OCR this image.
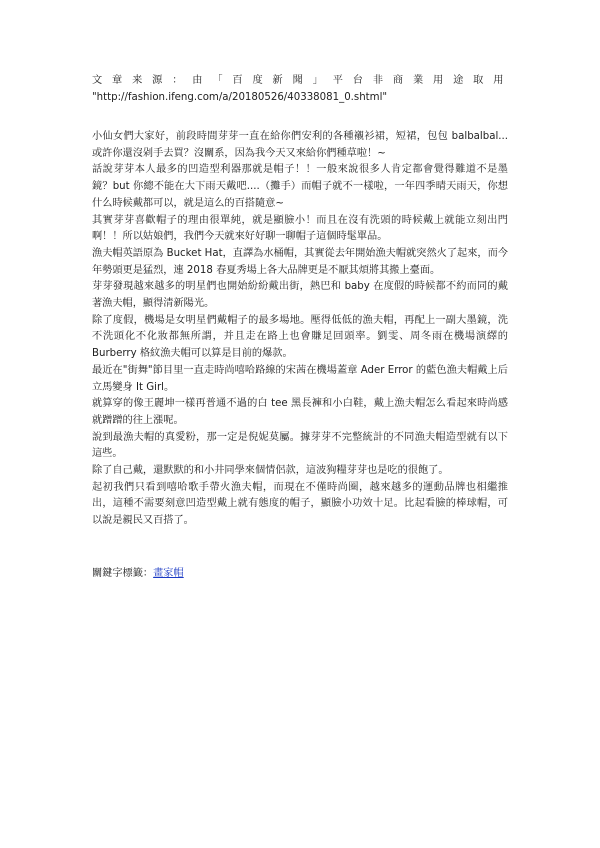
文章来源：由「百度新聞」平台非商業用途取用
"http://fashion.ifeng.com/a/20180526/40338081_0.shtml"

小仙女們大家好，前段時間芽芽一直在給你們安利的各種襯衫裙，短裙，包包 balbalbal...或許你還沒剁手去買？沒關系，因為我今天又來給你們種草啦！~

話說芽芽本人最多的凹造型利器那就是帽子！！一般來說很多人肯定都會覺得難道不是墨鏡？but 你總不能在大下雨天戴吧....（攤手）而帽子就不一樣啦，一年四季晴天雨天，你想什么時候戴都可以，就是這么的百搭隨意~

其實芽芽喜歡帽子的理由很單純，就是顯臉小！而且在沒有洗頭的時候戴上就能立刻出門啊！！所以姑娘們，我們今天就來好好聊一聊帽子這個時髦單品。

漁夫帽英語原為 Bucket Hat，直譯為水桶帽，其實從去年開始漁夫帽就突然火了起來，而今年勢頭更是猛烈，連 2018 春夏秀場上各大品牌更是不厭其煩將其搬上臺面。

芽芽發現越來越多的明星們也開始紛紛戴出街，熱巴和 baby 在度假的時候都不約而同的戴著漁夫帽，顯得清新陽光。

除了度假，機場是女明星們戴帽子的最多場地。壓得低低的漁夫帽，再配上一副大墨鏡，洗不洗頭化不化妝都無所謂，并且走在路上也會賺足回頭率。劉雯、周冬雨在機場演繹的 Burberry 格紋漁夫帽可以算是目前的爆款。

最近在"街舞"節目里一直走時尚嘻哈路線的宋茜在機場蓋章 Ader Error 的藍色漁夫帽戴上后立馬變身 It Girl。

就算穿的像王麗坤一樣再普通不過的白 tee 黑長褲和小白鞋，戴上漁夫帽怎么看起來時尚感就蹭蹭的往上漲呢。

說到最漁夫帽的真愛粉，那一定是倪妮莫屬。據芽芽不完整統計的不同漁夫帽造型就有以下這些。

除了自己戴，還默默的和小井同學來個情侶款，這波狗糧芽芽也是吃的很飽了。

起初我們只看到嘻哈歌手帶火漁夫帽，而現在不僅時尚圈，越來越多的運動品牌也相繼推出，這種不需要刻意凹造型戴上就有態度的帽子，顯臉小功效十足。比起看臉的棒球帽，可以說是親民又百搭了。

關鍵字標籤：畫家帽
